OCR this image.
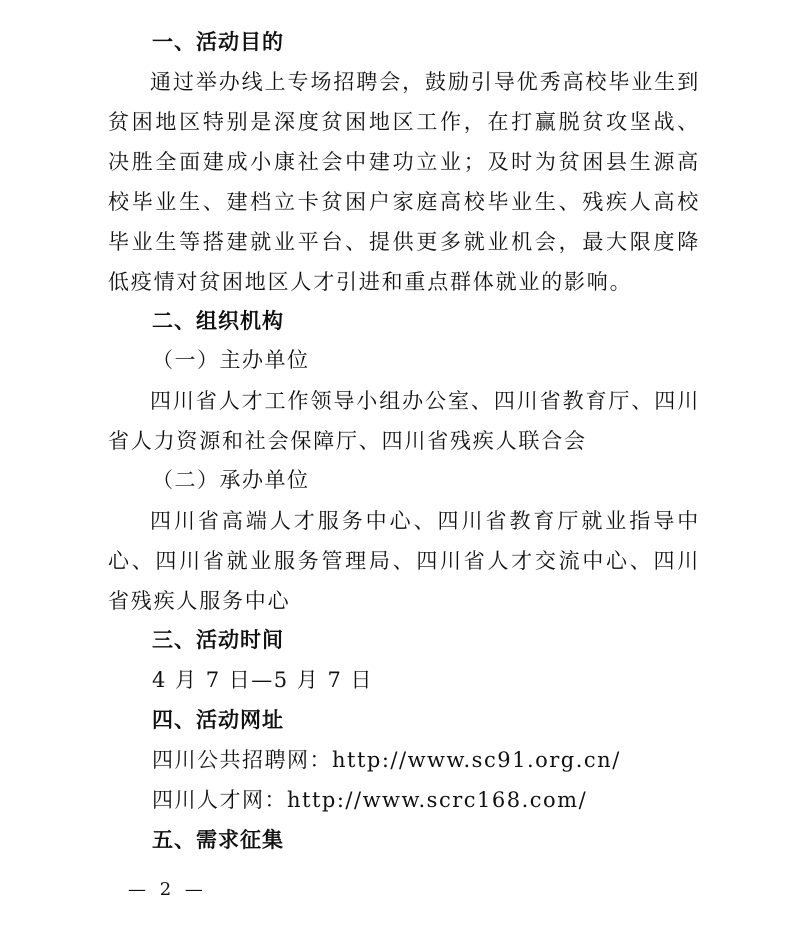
一、活动目的

通过举办线上专场招聘会，鼓励引导优秀高校毕业生到贫困地区特别是深度贫困地区工作，在打赢脱贫攻坚战、决胜全面建成小康社会中建功立业；及时为贫困县生源高校毕业生、建档立卡贫困户家庭高校毕业生、残疾人高校毕业生等搭建就业平台、提供更多就业机会，最大限度降低疫情对贫困地区人才引进和重点群体就业的影响。

二、组织机构
（一）主办单位

四川省人才工作领导小组办公室、四川省教育厅、四川省人力资源和社会保障厅、四川省残疾人联合会

（二）承办单位

四川省高端人才服务中心、四川省教育厅就业指导中心、四川省就业服务管理局、四川省人才交流中心、四川省残疾人服务中心

三、活动时间
4 月 7 日—5 月 7 日
四、活动网址
四川公共招聘网：http://www.sc91.org.cn/
四川人才网：http://www.scrc168.com/
五、需求征集
— 2 —
